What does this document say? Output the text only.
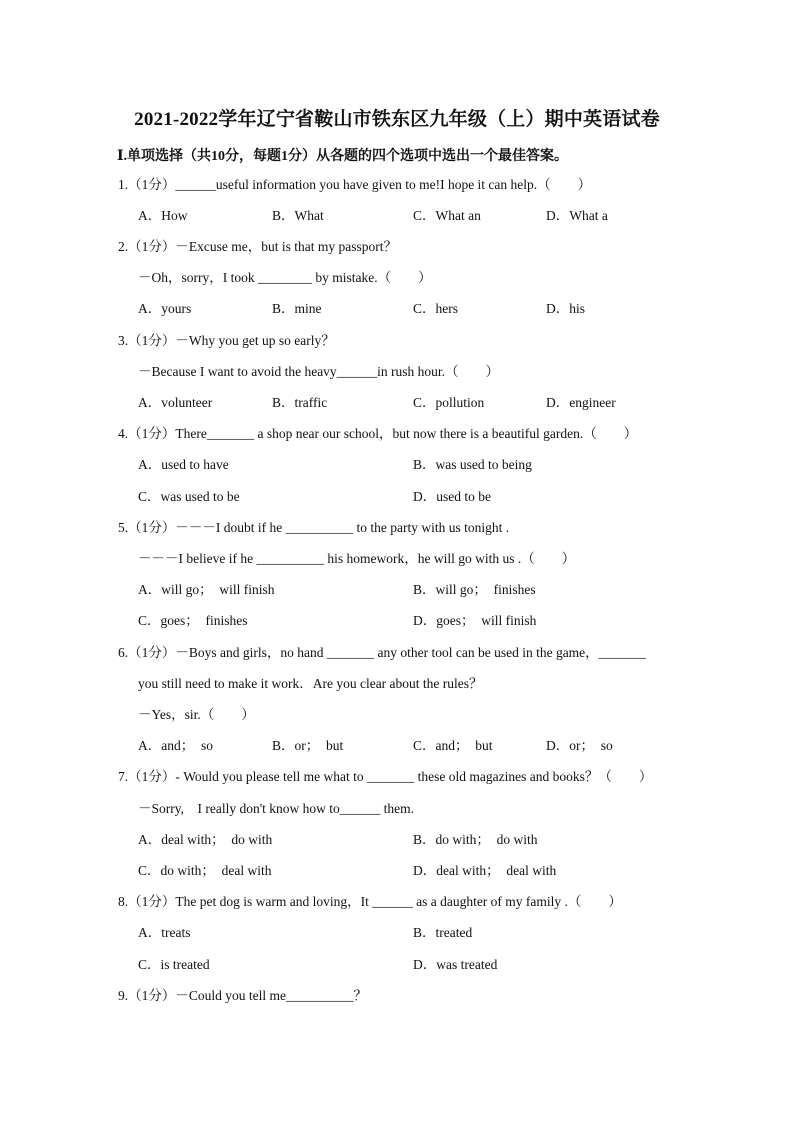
2021-2022学年辽宁省鞍山市铁东区九年级（上）期中英语试卷
Ⅰ.单项选择（共10分，每题1分）从各题的四个选项中选出一个最佳答案。
1.（1分）______useful information you have given to me!I hope it can help.（　　）
A．How	B．What	C．What an	D．What a
2.（1分）－Excuse me，but is that my passport？
－Oh，sorry，I took ________ by mistake.（　　）
A．yours	B．mine	C．hers	D．his
3.（1分）－Why you get up so early？
－Because I want to avoid the heavy______in rush hour.（　　）
A．volunteer	B．traffic	C．pollution	D．engineer
4.（1分）There_______ a shop near our school，but now there is a beautiful garden.（　　）
A．used to have	B．was used to being
C．was used to be	D．used to be
5.（1分）－－－I doubt if he __________ to the party with us tonight .
－－－I believe if he __________ his homework，he will go with us .（　　）
A．will go；　will finish	B．will go；　finishes
C．goes；　finishes	D．goes；　will finish
6.（1分）－Boys and girls，no hand _______ any other tool can be used in the game，_______
you still need to make it work．Are you clear about the rules？
－Yes，sir.（　　）
A．and；　so	B．or；　but	C．and；　but	D．or；　so
7.（1分）- Would you please tell me what to _______ these old magazines and books？（　　）
－Sorry,　I really don't know how to______ them.
A．deal with；　do with	B．do with；　do with
C．do with；　deal with	D．deal with；　deal with
8.（1分）The pet dog is warm and loving，It ______ as a daughter of my family .（　　）
A．treats	B．treated
C．is treated	D．was treated
9.（1分）－Could you tell me__________？
